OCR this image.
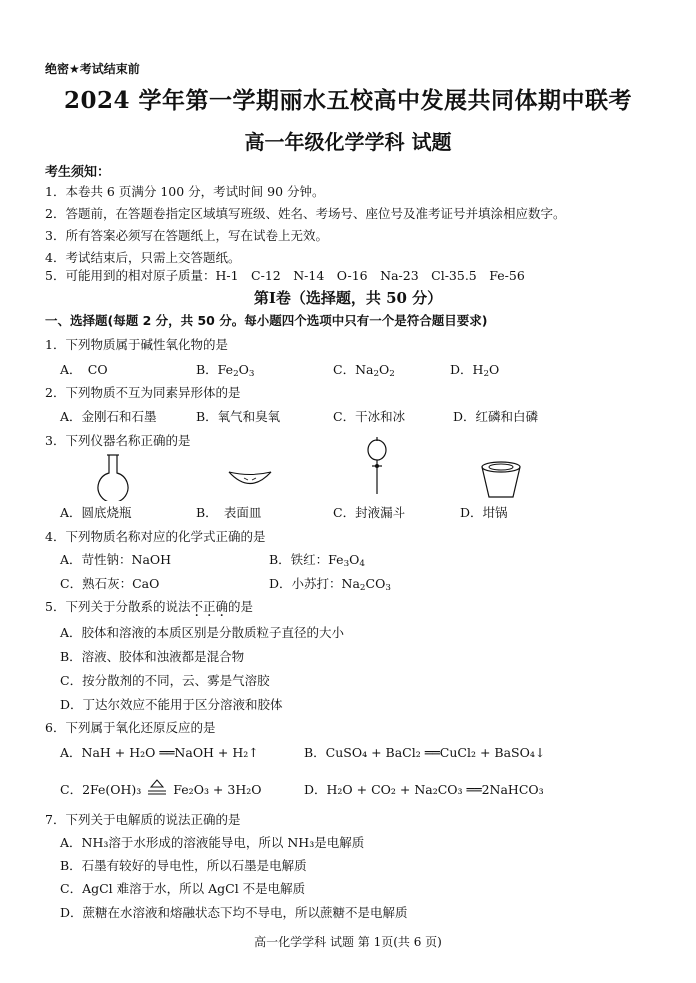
绝密★考试结束前
2024 学年第一学期丽水五校高中发展共同体期中联考
高一年级化学学科 试题
考生须知：
1．本卷共 6 页满分 100 分，考试时间 90 分钟。
2．答题前，在答题卷指定区域填写班级、姓名、考场号、座位号及准考证号并填涂相应数字。
3．所有答案必须写在答题纸上，写在试卷上无效。
4．考试结束后，只需上交答题纸。
5．可能用到的相对原子质量：H-1　C-12　N-14　O-16　Na-23　Cl-35.5　Fe-56
第Ⅰ卷（选择题，共 50 分）
一、选择题(每题 2 分，共 50 分。每小题四个选项中只有一个是符合题目要求)
1．下列物质属于碱性氧化物的是
A．　CO	B．$Fe_2O_3$	C．$Na_2O_2$	D．$H_2O$
2．下列物质不互为同素异形体的是
A．金刚石和石墨	B．氧气和臭氧	C．干冰和冰	D．红磷和白磷
3．下列仪器名称正确的是
A．圆底烧瓶	B．　表面皿	C．封液漏斗	D．坩锅
4．下列物质名称对应的化学式正确的是
A．苛性钠：NaOH	B．铁红：$Fe_3O_4$
C．熟石灰：CaO	D．小苏打：$Na_2CO_3$
5．下列关于分散系的说法不正确的是
A．胶体和溶液的本质区别是分散质粒子直径的大小
B．溶液、胶体和浊液都是混合物
C．按分散剂的不同，云、雾是气溶胶
D．丁达尔效应不能用于区分溶液和胶体
6．下列属于氧化还原反应的是
A．NaH + H₂O ══NaOH + H₂↑	B．CuSO₄ + BaCl₂ ══CuCl₂ + BaSO₄↓
C．2Fe(OH)₃	Fe₂O₃ + 3H₂O	D．H₂O + CO₂ + Na₂CO₃ ══2NaHCO₃
7．下列关于电解质的说法正确的是
A．NH₃溶于水形成的溶液能导电，所以 NH₃是电解质
B．石墨有较好的导电性，所以石墨是电解质
C．AgCl 难溶于水，所以 AgCl 不是电解质
D．蔗糖在水溶液和熔融状态下均不导电，所以蔗糖不是电解质
高一化学学科 试题 第 1页(共 6 页)
